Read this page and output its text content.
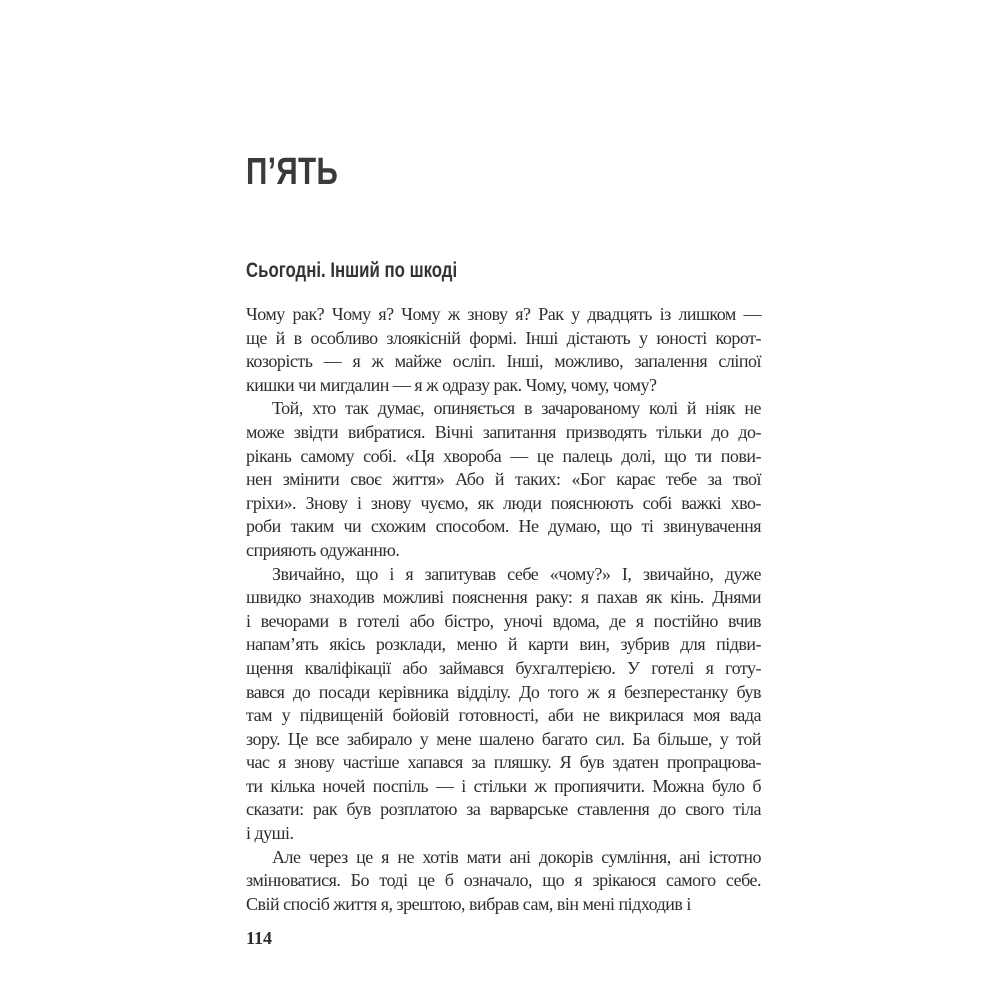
П’ЯТЬ
Сьогодні. Інший по шкоді
Чому рак? Чому я? Чому ж знову я? Рак у двадцять із лишком —
ще й в особливо злоякісній формі. Інші дістають у юності корот-
козорість — я ж майже осліп. Інші, можливо, запалення сліпої
кишки чи мигдалин — я ж одразу рак. Чому, чому, чому?
Той, хто так думає, опиняється в зачарованому колі й ніяк не
може звідти вибратися. Вічні запитання призводять тільки до до-
рікань самому собі. «Ця хвороба — це палець долі, що ти пови-
нен змінити своє життя» Або й таких: «Бог карає тебе за твої
гріхи». Знову і знову чуємо, як люди пояснюють собі важкі хво-
роби таким чи схожим способом. Не думаю, що ті звинувачення
сприяють одужанню.
Звичайно, що і я запитував себе «чому?» І, звичайно, дуже
швидко знаходив можливі пояснення раку: я пахав як кінь. Днями
і вечорами в готелі або бістро, уночі вдома, де я постійно вчив
напам’ять якісь розклади, меню й карти вин, зубрив для підви-
щення кваліфікації або займався бухгалтерією. У готелі я готу-
вався до посади керівника відділу. До того ж я безперестанку був
там у підвищеній бойовій готовності, аби не викрилася моя вада
зору. Це все забирало у мене шалено багато сил. Ба більше, у той
час я знову частіше хапався за пляшку. Я був здатен пропрацюва-
ти кілька ночей поспіль — і стільки ж пропиячити. Можна було б
сказати: рак був розплатою за варварське ставлення до свого тіла
і душі.
Але через це я не хотів мати ані докорів сумління, ані істотно
змінюватися. Бо тоді це б означало, що я зрікаюся самого себе.
Свій спосіб життя я, зрештою, вибрав сам, він мені підходив і
114
